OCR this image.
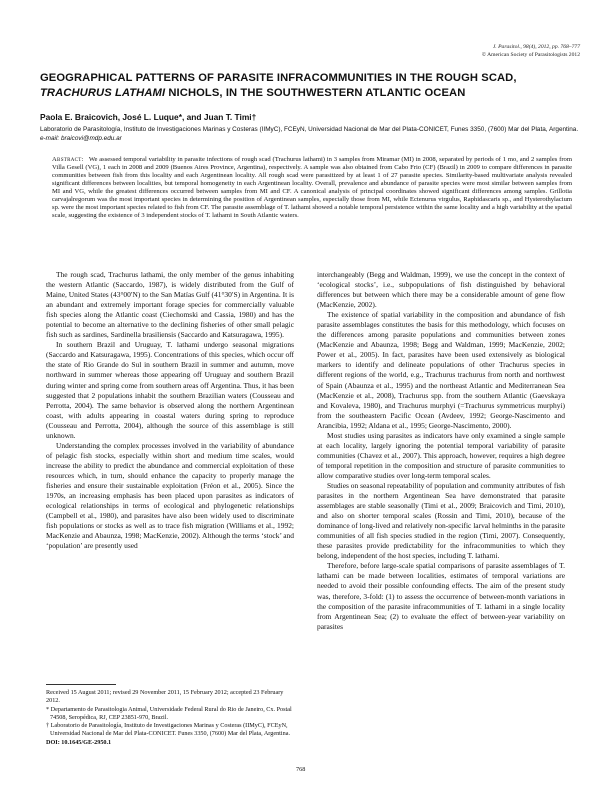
J. Parasitol., 98(4), 2012, pp. 768–777
© American Society of Parasitologists 2012
GEOGRAPHICAL PATTERNS OF PARASITE INFRACOMMUNITIES IN THE ROUGH SCAD,
TRACHURUS LATHAMI NICHOLS, IN THE SOUTHWESTERN ATLANTIC OCEAN
Paola E. Braicovich, José L. Luque*, and Juan T. Timi†
Laboratorio de Parasitología, Instituto de Investigaciones Marinas y Costeras (IIMyC), FCEyN, Universidad Nacional de Mar del Plata-CONICET, Funes 3350, (7600) Mar del Plata, Argentina. e-mail: braicovi@mdp.edu.ar
Abstract: We assessed temporal variability in parasite infections of rough scad (Trachurus lathami) in 3 samples from Miramar (MI) in 2008, separated by periods of 1 mo, and 2 samples from Villa Gesell (VG), 1 each in 2008 and 2009 (Buenos Aires Province, Argentina), respectively. A sample was also obtained from Cabo Frio (CF) (Brazil) in 2009 to compare differences in parasite communities between fish from this locality and each Argentinean locality. All rough scad were parasitized by at least 1 of 27 parasite species. Similarity-based multivariate analysis revealed significant differences between localities, but temporal homogeneity in each Argentinean locality. Overall, prevalence and abundance of parasite species were most similar between samples from MI and VG, while the greatest differences occurred between samples from MI and CF. A canonical analysis of principal coordinates showed significant differences among samples. Grillotia carvajalregorum was the most important species in determining the position of Argentinean samples, especially those from MI, while Ectenurus virgulus, Raphidascaris sp., and Hysterothylacium sp. were the most important species related to fish from CF. The parasite assemblage of T. lathami showed a notable temporal persistence within the same locality and a high variability at the spatial scale, suggesting the existence of 3 independent stocks of T. lathami in South Atlantic waters.

The rough scad, Trachurus lathami, the only member of the genus inhabiting the western Atlantic (Saccardo, 1987), is widely distributed from the Gulf of Maine, United States (43°00′N) to the San Matías Gulf (41°30′S) in Argentina. It is an abundant and extremely important forage species for commercially valuable fish species along the Atlantic coast (Ciechomski and Cassia, 1980) and has the potential to become an alternative to the declining fisheries of other small pelagic fish such as sardines, Sardinella brasiliensis (Saccardo and Katsuragawa, 1995).

In southern Brazil and Uruguay, T. lathami undergo seasonal migrations (Saccardo and Katsuragawa, 1995). Concentrations of this species, which occur off the state of Rio Grande do Sul in southern Brazil in summer and autumn, move northward in summer whereas those appearing off Uruguay and southern Brazil during winter and spring come from southern areas off Argentina. Thus, it has been suggested that 2 populations inhabit the southern Brazilian waters (Cousseau and Perrotta, 2004). The same behavior is observed along the northern Argentinean coast, with adults appearing in coastal waters during spring to reproduce (Cousseau and Perrotta, 2004), although the source of this assemblage is still unknown.

Understanding the complex processes involved in the variability of abundance of pelagic fish stocks, especially within short and medium time scales, would increase the ability to predict the abundance and commercial exploitation of these resources which, in turn, should enhance the capacity to properly manage the fisheries and ensure their sustainable exploitation (Fréon et al., 2005). Since the 1970s, an increasing emphasis has been placed upon parasites as indicators of ecological relationships in terms of ecological and phylogenetic relationships (Campbell et al., 1980), and parasites have also been widely used to discriminate fish populations or stocks as well as to trace fish migration (Williams et al., 1992; MacKenzie and Abaunza, 1998; MacKenzie, 2002). Although the terms ‘stock’ and ‘population’ are presently used

interchangeably (Begg and Waldman, 1999), we use the concept in the context of ‘ecological stocks’, i.e., subpopulations of fish distinguished by behavioral differences but between which there may be a considerable amount of gene flow (MacKenzie, 2002).

The existence of spatial variability in the composition and abundance of fish parasite assemblages constitutes the basis for this methodology, which focuses on the differences among parasite populations and communities between zones (MacKenzie and Abaunza, 1998; Begg and Waldman, 1999; MacKenzie, 2002; Power et al., 2005). In fact, parasites have been used extensively as biological markers to identify and delineate populations of other Trachurus species in different regions of the world, e.g., Trachurus trachurus from north and northwest of Spain (Abaunza et al., 1995) and the northeast Atlantic and Mediterranean Sea (MacKenzie et al., 2008), Trachurus spp. from the southern Atlantic (Gaevskaya and Kovaleva, 1980), and Trachurus murphyi (=Trachurus symmetricus murphyi) from the southeastern Pacific Ocean (Avdeev, 1992; George-Nascimento and Arancibia, 1992; Aldana et al., 1995; George-Nascimento, 2000).

Most studies using parasites as indicators have only examined a single sample at each locality, largely ignoring the potential temporal variability of parasite communities (Chavez et al., 2007). This approach, however, requires a high degree of temporal repetition in the composition and structure of parasite communities to allow comparative studies over long-term temporal scales.

Studies on seasonal repeatability of population and community attributes of fish parasites in the northern Argentinean Sea have demonstrated that parasite assemblages are stable seasonally (Timi et al., 2009; Braicovich and Timi, 2010), and also on shorter temporal scales (Rossin and Timi, 2010), because of the dominance of long-lived and relatively non-specific larval helminths in the parasite communities of all fish species studied in the region (Timi, 2007). Consequently, these parasites provide predictability for the infracommunities to which they belong, independent of the host species, including T. lathami.

Therefore, before large-scale spatial comparisons of parasite assemblages of T. lathami can be made between localities, estimates of temporal variations are needed to avoid their possible confounding effects. The aim of the present study was, therefore, 3-fold: (1) to assess the occurrence of between-month variations in the composition of the parasite infracommunities of T. lathami in a single locality from Argentinean Sea; (2) to evaluate the effect of between-year variability on parasites

Received 15 August 2011; revised 29 November 2011, 15 February 2012; accepted 23 February 2012.

* Departamento de Parasitologia Animal, Universidade Federal Rural do Rio de Janeiro, Cx. Postal 74508, Seropédica, RJ, CEP 23851-970, Brazil.

† Laboratorio de Parasitología, Instituto de Investigaciones Marinas y Costeras (IIMyC), FCEyN, Universidad Nacional de Mar del Plata-CONICET. Funes 3350, (7600) Mar del Plata, Argentina.

DOI: 10.1645/GE-2950.1

768
